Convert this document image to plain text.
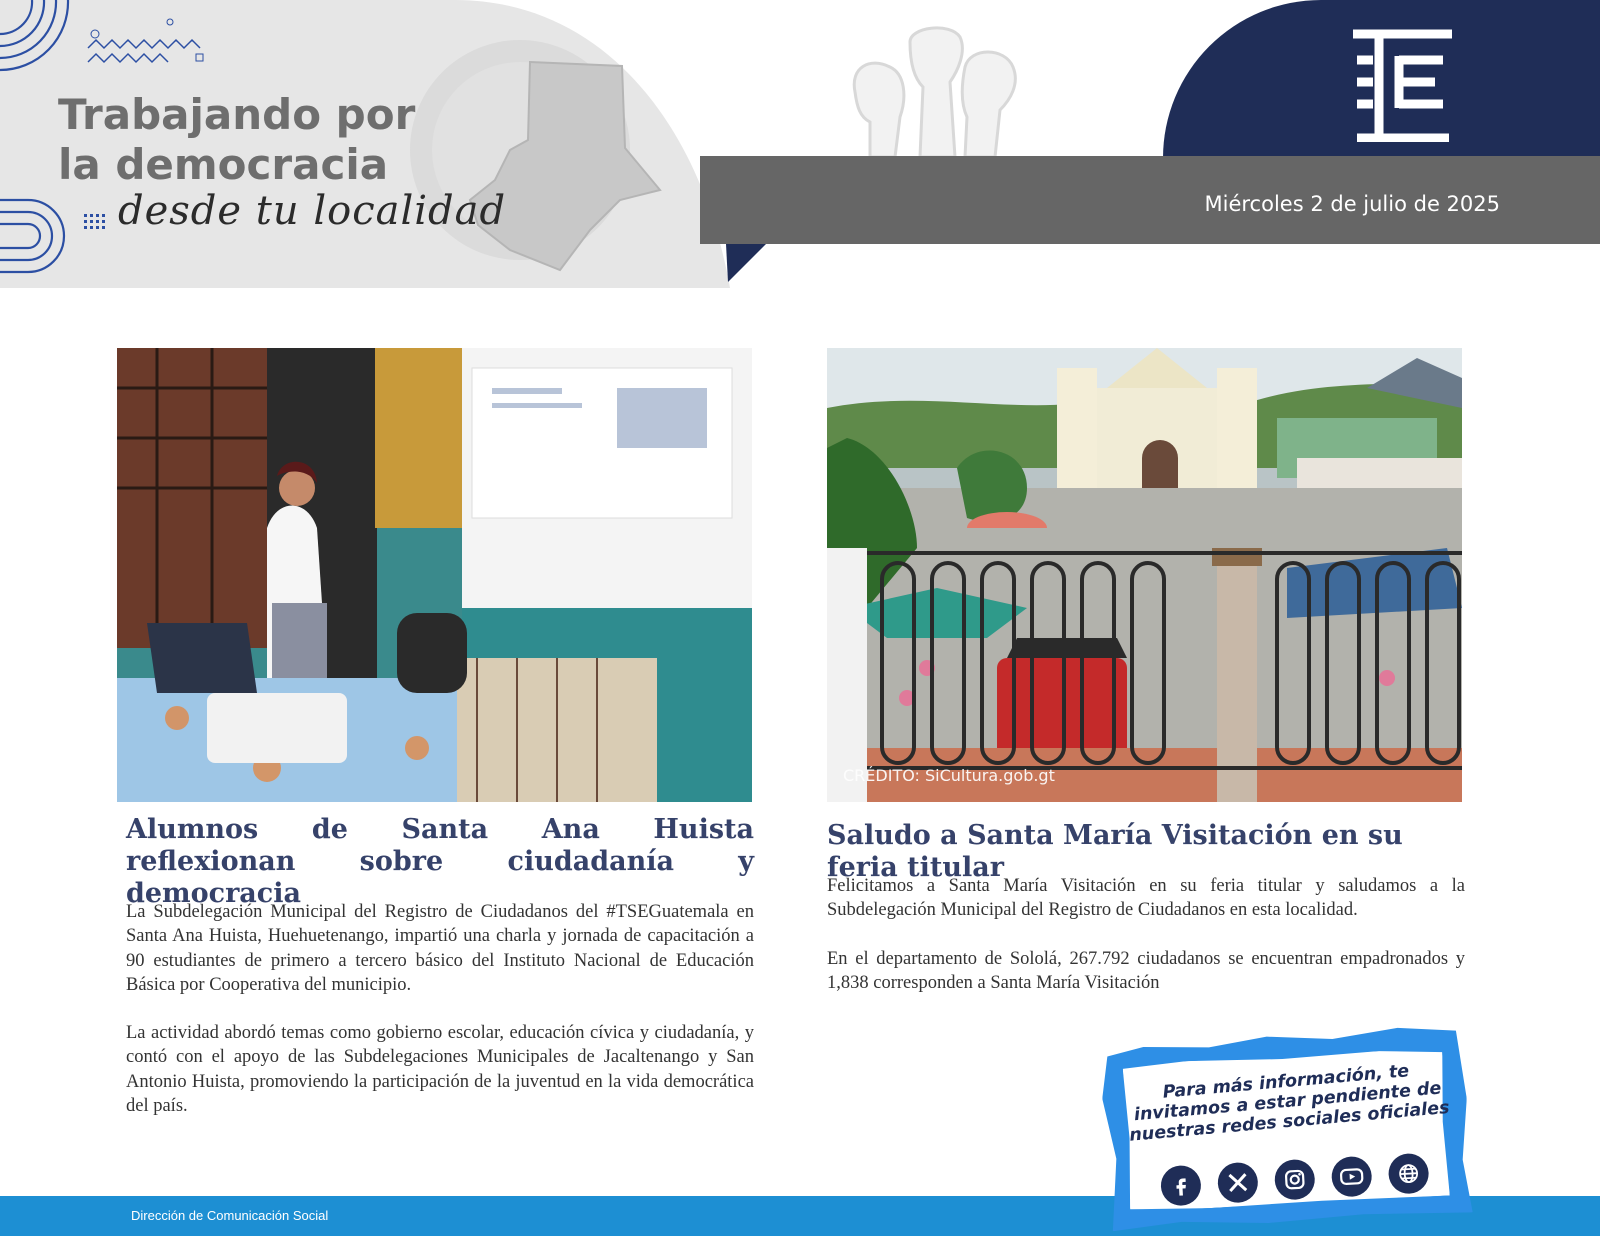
Trabajando por
la democracia
desde tu localidad	Miércoles 2 de julio de 2025
CRÉDITO: SiCultura.gob.gt
Alumnos de Santa Ana Huista reflexionan sobre ciudadanía y democracia
La Subdelegación Municipal del Registro de Ciudadanos del #TSEGuatemala en Santa Ana Huista, Huehuetenango, impartió una charla y jornada de capacitación a 90 estudiantes de primero a tercero básico del Instituto Nacional de Educación Básica por Cooperativa del municipio.
La actividad abordó temas como gobierno escolar, educación cívica y ciudadanía, y contó con el apoyo de las Subdelegaciones Municipales de Jacaltenango y San Antonio Huista, promoviendo la participación de la juventud en la vida democrática del país.
Saludo a Santa María Visitación en su feria titular
Felicitamos a Santa María Visitación en su feria titular y saludamos a la Subdelegación Municipal del Registro de Ciudadanos en esta localidad.
En el departamento de Sololá, 267.792 ciudadanos se encuentran empadronados y 1,838 corresponden a Santa María Visitación
Dirección de Comunicación Social
Para más información, te invitamos a estar pendiente de nuestras redes sociales oficiales
